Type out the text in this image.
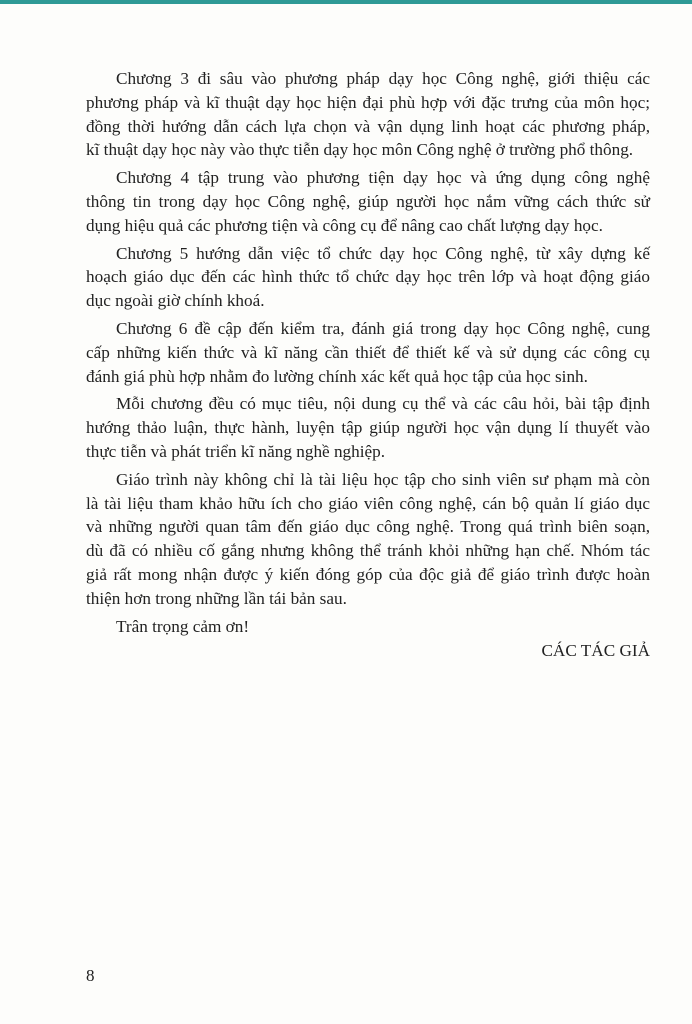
Chương 3 đi sâu vào phương pháp dạy học Công nghệ, giới thiệu các
phương pháp và kĩ thuật dạy học hiện đại phù hợp với đặc trưng của môn học;
đồng thời hướng dẫn cách lựa chọn và vận dụng linh hoạt các phương pháp,
kĩ thuật dạy học này vào thực tiễn dạy học môn Công nghệ ở trường phổ thông.
Chương 4 tập trung vào phương tiện dạy học và ứng dụng công nghệ
thông tin trong dạy học Công nghệ, giúp người học nắm vững cách thức sử
dụng hiệu quả các phương tiện và công cụ để nâng cao chất lượng dạy học.
Chương 5 hướng dẫn việc tổ chức dạy học Công nghệ, từ xây dựng kế
hoạch giáo dục đến các hình thức tổ chức dạy học trên lớp và hoạt động giáo
dục ngoài giờ chính khoá.
Chương 6 đề cập đến kiểm tra, đánh giá trong dạy học Công nghệ, cung
cấp những kiến thức và kĩ năng cần thiết để thiết kế và sử dụng các công cụ
đánh giá phù hợp nhằm đo lường chính xác kết quả học tập của học sinh.
Mỗi chương đều có mục tiêu, nội dung cụ thể và các câu hỏi, bài tập định
hướng thảo luận, thực hành, luyện tập giúp người học vận dụng lí thuyết vào
thực tiễn và phát triển kĩ năng nghề nghiệp.
Giáo trình này không chỉ là tài liệu học tập cho sinh viên sư phạm mà còn
là tài liệu tham khảo hữu ích cho giáo viên công nghệ, cán bộ quản lí giáo dục
và những người quan tâm đến giáo dục công nghệ. Trong quá trình biên soạn,
dù đã có nhiều cố gắng nhưng không thể tránh khỏi những hạn chế. Nhóm tác
giả rất mong nhận được ý kiến đóng góp của độc giả để giáo trình được hoàn
thiện hơn trong những lần tái bản sau.
Trân trọng cảm ơn!
CÁC TÁC GIẢ
8
